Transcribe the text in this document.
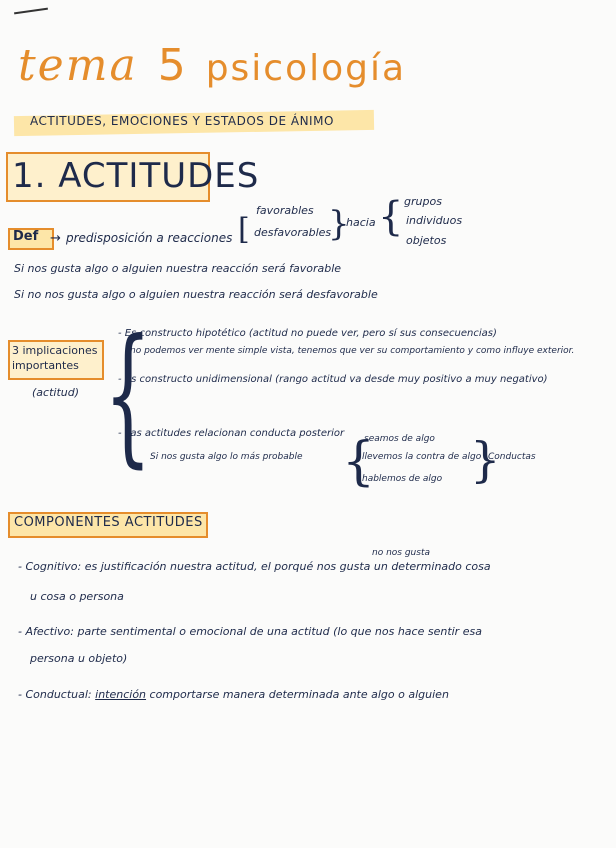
tema 5 psicología
ACTITUDES, EMOCIONES Y ESTADOS DE ÁNIMO
1. ACTITUDES
Def → predisposición a reacciones [
favorables
desfavorables
}
hacia { grupos
individuos
objetos
Si nos gusta algo o alguien nuestra reacción será favorable
Si no nos gusta algo o alguien nuestra reacción será desfavorable
3 implicaciones importantes
(actitud) {
- Es constructo hipotético (actitud no puede ver, pero sí sus consecuencias)
no podemos ver mente simple vista, tenemos que ver su comportamiento y como influye exterior.
- Es constructo unidimensional (rango actitud va desde muy positivo a muy negativo)
- Las actitudes relacionan conducta posterior
Si nos gusta algo lo más probable {
seamos de algo
llevemos la contra de algo
hablemos de algo }
Conductas
COMPONENTES ACTITUDES
- Cognitivo: es justificación nuestra actitud, el porqué nos gusta un determinado cosa
no nos gusta
u cosa o persona
- Afectivo: parte sentimental o emocional de una actitud (lo que nos hace sentir esa
persona u objeto)
- Conductual: intención comportarse manera determinada ante algo o alguien
